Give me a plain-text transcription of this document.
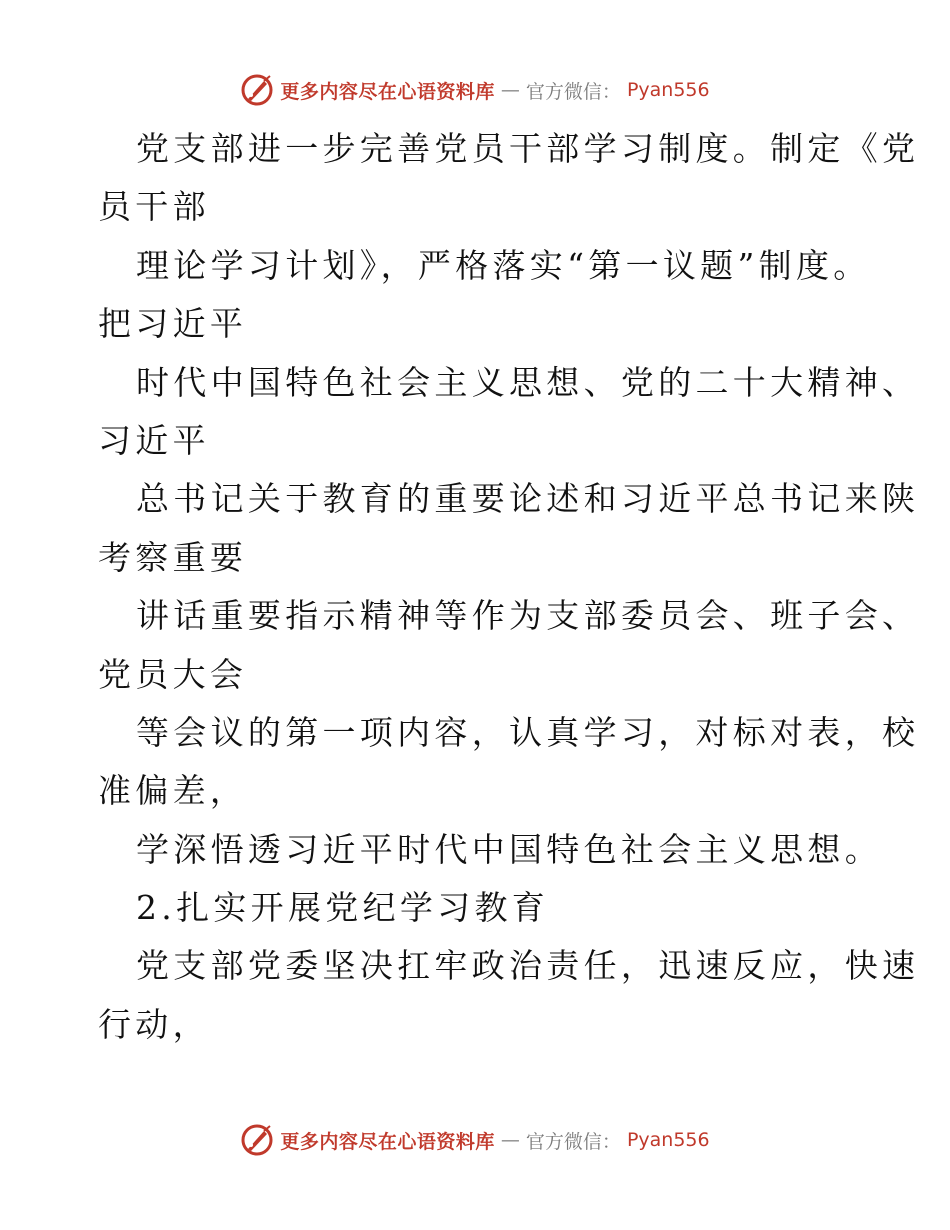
更多内容尽在心语资料库 — 官方微信： Pyan556
党支部进一步完善党员干部学习制度。制定《党
员干部
理论学习计划》，严格落实“第一议题”制度。
把习近平
时代中国特色社会主义思想、党的二十大精神、
习近平
总书记关于教育的重要论述和习近平总书记来陕
考察重要
讲话重要指示精神等作为支部委员会、班子会、
党员大会
等会议的第一项内容，认真学习，对标对表，校
准偏差，
学深悟透习近平时代中国特色社会主义思想。
2.扎实开展党纪学习教育
党支部党委坚决扛牢政治责任，迅速反应，快速
行动，
更多内容尽在心语资料库 — 官方微信： Pyan556
